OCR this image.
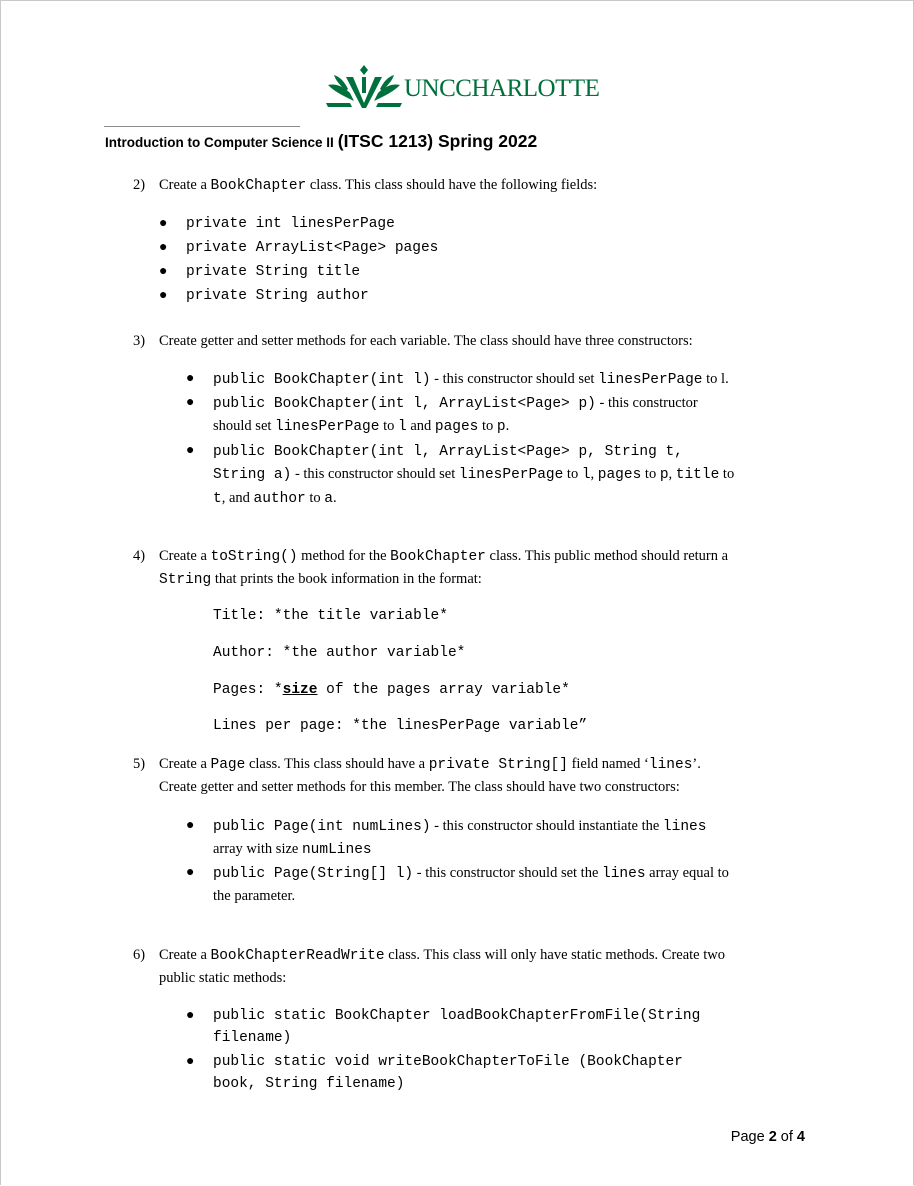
UNCCHARLOTTE
Introduction to Computer Science II (ITSC 1213) Spring 2022
2) Create a BookChapter class. This class should have the following fields:
● private int linesPerPage
● private ArrayList<Page> pages
● private String title
● private String author
3) Create getter and setter methods for each variable. The class should have three constructors:
● public BookChapter(int l) - this constructor should set linesPerPage to l.
● public BookChapter(int l, ArrayList<Page> p) - this constructor
should set linesPerPage to l and pages to p.
● public BookChapter(int l, ArrayList<Page> p, String t,
String a) - this constructor should set linesPerPage to l, pages to p, title to
t, and author to a.
4) Create a toString() method for the BookChapter class. This public method should return a
String that prints the book information in the format:
Title: *the title variable*
Author: *the author variable*
Pages: *size of the pages array variable*
Lines per page: *the linesPerPage variable”
5) Create a Page class. This class should have a private String[] field named ‘lines’.
Create getter and setter methods for this member. The class should have two constructors:
● public Page(int numLines) - this constructor should instantiate the lines
array with size numLines
● public Page(String[] l) - this constructor should set the lines array equal to
the parameter.
6) Create a BookChapterReadWrite class. This class will only have static methods. Create two
public static methods:
● public static BookChapter loadBookChapterFromFile(String
filename)
● public static void writeBookChapterToFile (BookChapter
book, String filename)
Page 2 of 4
